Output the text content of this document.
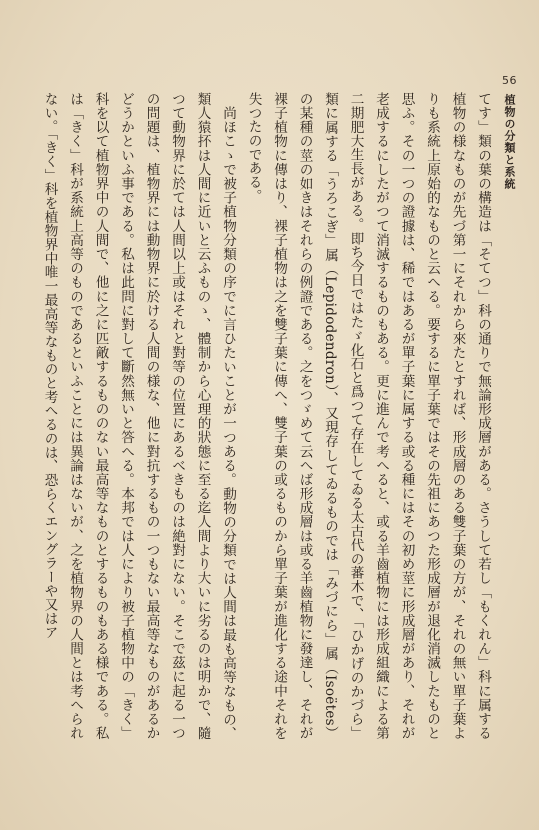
56
植物の分類と系統

てす」類の葉の構造は「そてつ」科の通りで無論形成層がある。さうして若し「もくれん」科に属する植物の様なものが先づ第一にそれから來たとすれば、形成層のある雙子葉の方が、それの無い單子葉よりも系統上原始的なものと云へる。要するに單子葉ではその先祖にあつた形成層が退化消滅したものと思ふ。その一つの證據は、稀ではあるが單子葉に属する或る種にはその初め莖に形成層があり、それが老成するにしたがつて消滅するものもある。更に進んで考へると、或る羊齒植物には形成組織による第二期肥大生長がある。即ち今日ではたゞ化石と爲つて存在してゐる太古代の蕃木で、「ひかげのかづら」類に属する「うろこぎ」属（Lepidodendron）、又現存してゐるものでは「みづにら」属（Isoëtes）の某種の莖の如きはそれらの例證である。之をつゞめて云へば形成層は或る羊齒植物に發達し、それが裸子植物に傳はり、裸子植物は之を雙子葉に傳へ、雙子葉の或るものから單子葉が進化する途中それを失つたのである。

尚ほこゝで被子植物分類の序でに言ひたいことが一つある。動物の分類では人間は最も高等なもの、類人猿抔は人間に近いと云ふものゝ、體制から心理的狀態に至る迄人間より大いに劣るのは明かで、隨つて動物界に於ては人間以上或はそれと對等の位置にあるべきものは絶對にない。そこで茲に起る一つの問題は、植物界には動物界に於ける人間の様な、他に對抗するもの一つもない最高等なものがあるかどうかといふ事である。私は此問に對して斷然無いと答へる。本邦では人により被子植物中の「きく」科を以て植物界中の人間で、他に之に匹敵するもののない最高等なものとするものもある様である。私は「きく」科が系統上高等のものであるといふことには異論はないが、之を植物界の人間とは考へられない。「きく」科を植物界中唯一最高等なものと考へるのは、恐らくエングラーや又はア
